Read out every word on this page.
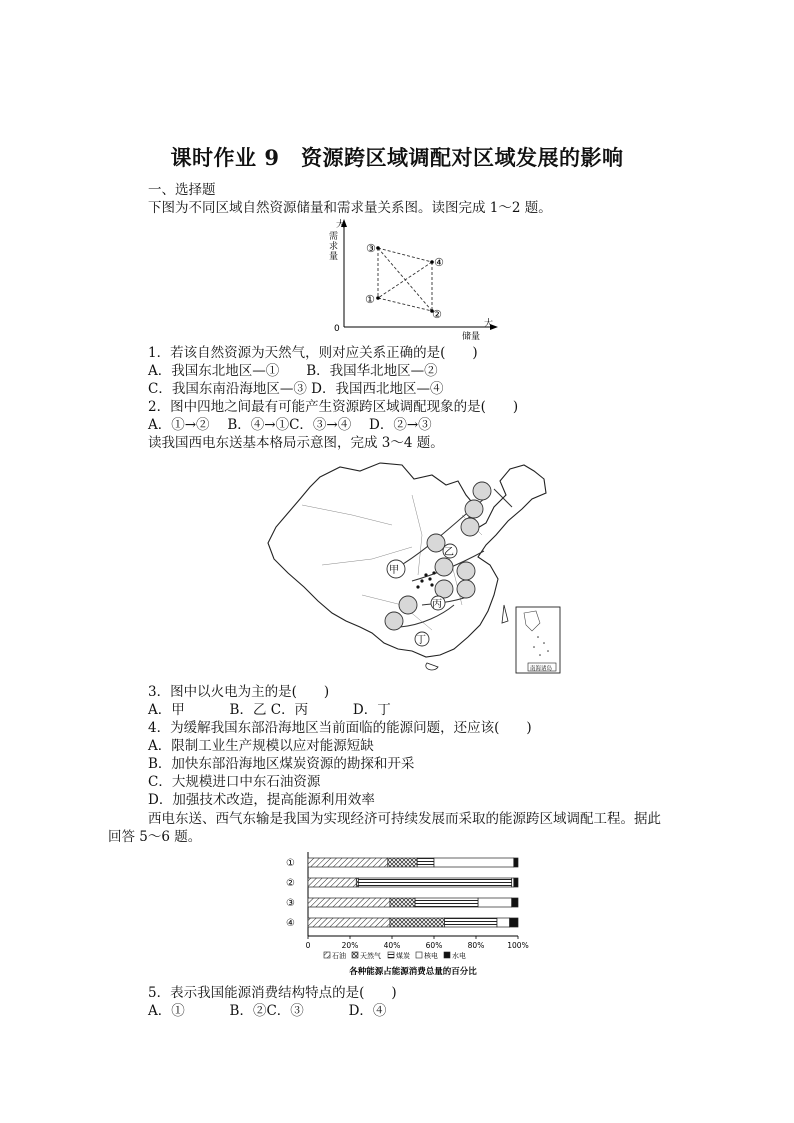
课时作业 9　资源跨区域调配对区域发展的影响
一、选择题
下图为不同区域自然资源储量和需求量关系图。读图完成 1～2 题。
大
需
求
量
大
储量
0
③
④
①
②
1．若该自然资源为天然气，则对应关系正确的是(　　)
A．我国东北地区—①　　B．我国华北地区—②
C．我国东南沿海地区—③ D．我国西北地区—④
2．图中四地之间最有可能产生资源跨区域调配现象的是(　　)
A．①→②　 B．④→①C．③→④　 D．②→③
读我国西电东送基本格局示意图，完成 3～4 题。
甲
乙
丙
丁
南海诸岛
3．图中以火电为主的是(　　)
A．甲　　　 B．乙 C．丙　　　 D．丁
4．为缓解我国东部沿海地区当前面临的能源问题，还应该(　　)
A．限制工业生产规模以应对能源短缺
B．加快东部沿海地区煤炭资源的勘探和开采
C．大规模进口中东石油资源
D．加强技术改造，提高能源利用效率
西电东送、西气东输是我国为实现经济可持续发展而采取的能源跨区域调配工程。据此
回答 5～6 题。
①
②
③
④
0	20%	40%	60%	80%	100%
石油 天然气 煤炭 核电 水电
各种能源占能源消费总量的百分比
5．表示我国能源消费结构特点的是(　　)
A．①　　　 B．②C．③　　　 D．④
